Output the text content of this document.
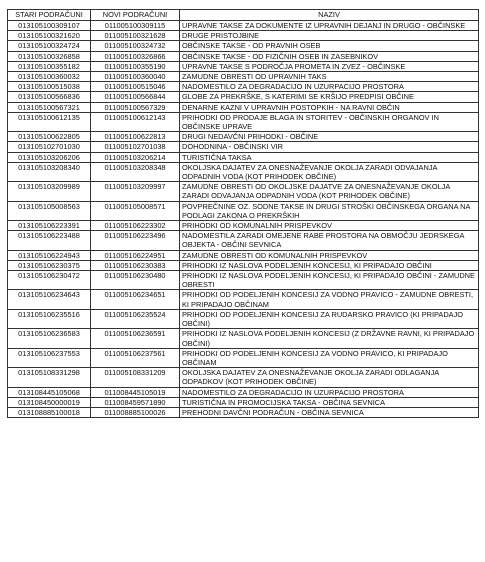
STARI PODRAČUNI	NOVI PODRAČUNI	NAZIV
013105100309107	011005100309115	UPRAVNE TAKSE ZA DOKUMENTE IZ UPRAVNIH DEJANJ IN DRUGO - OBČINSKE
013105100321620	011005100321628	DRUGE PRISTOJBINE
013105100324724	011005100324732	OBČINSKE TAKSE - OD PRAVNIH OSEB
013105100326858	011005100326866	OBČINSKE TAKSE - OD FIZIČNIH OSEB IN ZASEBNIKOV
013105100355182	011005100355190	UPRAVNE TAKSE S PODROČJA PROMETA IN ZVEZ - OBČINSKE
013105100360032	011005100360040	ZAMUDNE OBRESTI OD UPRAVNIH TAKS
013105100515038	011005100515046	NADOMESTILO ZA DEGRADACIJO IN UZURPACIJO PROSTORA
013105100566836	011005100566844	GLOBE ZA PREKRŠKE, S KATERIMI SE KRŠIJO PREDPISI OBČINE
013105100567321	011005100567329	DENARNE KAZNI V UPRAVNIH POSTOPKIH - NA RAVNI OBČIN
013105100612135	011005100612143	PRIHODKI OD PRODAJE BLAGA IN STORITEV - OBČINSKIH ORGANOV IN OBČINSKE UPRAVE
013105100622805	011005100622813	DRUGI NEDAVČNI PRIHODKI - OBČINE
013105102701030	011005102701038	DOHODNINA - OBČINSKI VIR
013105103206206	011005103206214	TURISTIČNA TAKSA
013105103208340	011005103208348	OKOLJSKA DAJATEV ZA ONESNAŽEVANJE OKOLJA ZARADI ODVAJANJA ODPADNIH VODA (KOT PRIHODEK OBČINE)
013105103209989	011005103209997	ZAMUDNE OBRESTI OD OKOLJSKE DAJATVE ZA ONESNAŽEVANJE OKOLJA ZARADI ODVAJANJA ODPADNIH VODA (KOT PRIHODEK OBČINE)
013105105008563	011005105008571	POVPREČNINE OZ. SODNE TAKSE IN DRUGI STROŠKI OBČINSKEGA ORGANA NA PODLAGI ZAKONA O PREKRŠKIH
013105106223391	011005106223302	PRIHODKI OD KOMUNALNIH PRISPEVKOV
013105106223488	011005106223496	NADOMESTILA ZARADI OMEJENE RABE PROSTORA NA OBMOČJU JEDRSKEGA OBJEKTA - OBČINI SEVNICA
013105106224943	011005106224951	ZAMUDNE OBRESTI OD KOMUNALNIH PRISPEVKOV
013105106230375	011005106230383	PRIHODKI IZ NASLOVA PODELJENIH KONCESIJ, KI PRIPADAJO OBČINI
013105106230472	011005106230480	PRIHODKI IZ NASLOVA PODELJENIH KONCESIJ, KI PRIPADAJO OBČINI - ZAMUDNE OBRESTI
013105106234643	011005106234651	PRIHODKI OD PODELJENIH KONCESIJ ZA VODNO PRAVICO - ZAMUDNE OBRESTI, KI PRIPADAJO OBČINAM
013105106235516	011005106235524	PRIHODKI OD PODELJENIH KONCESIJ ZA RUDARSKO PRAVICO (KI PRIPADAJO OBČINI)
013105106236583	011005106236591	PRIHODKI IZ NASLOVA PODELJENIH KONCESIJ (Z DRŽAVNE RAVNI, KI PRIPADAJO OBČINI)
013105106237553	011005106237561	PRIHODKI OD PODELJENIH KONCESIJ ZA VODNO PRAVICO, KI PRIPADAJO OBČINAM
013105108331298	011005108331209	OKOLJSKA DAJATEV ZA ONESNAŽEVANJE OKOLJA ZARADI ODLAGANJA ODPADKOV (KOT PRIHODEK OBČINE)
013108445105068	011008445105019	NADOMESTILO ZA DEGRADACIJO IN UZURPACIJO PROSTORA
013108450000019	011008459571890	TURISTIČNA IN PROMOCIJSKA TAKSA - OBČINA SEVNICA
013108885100018	011008885100026	PREHODNI DAVČNI PODRAČUN - OBČINA SEVNICA
